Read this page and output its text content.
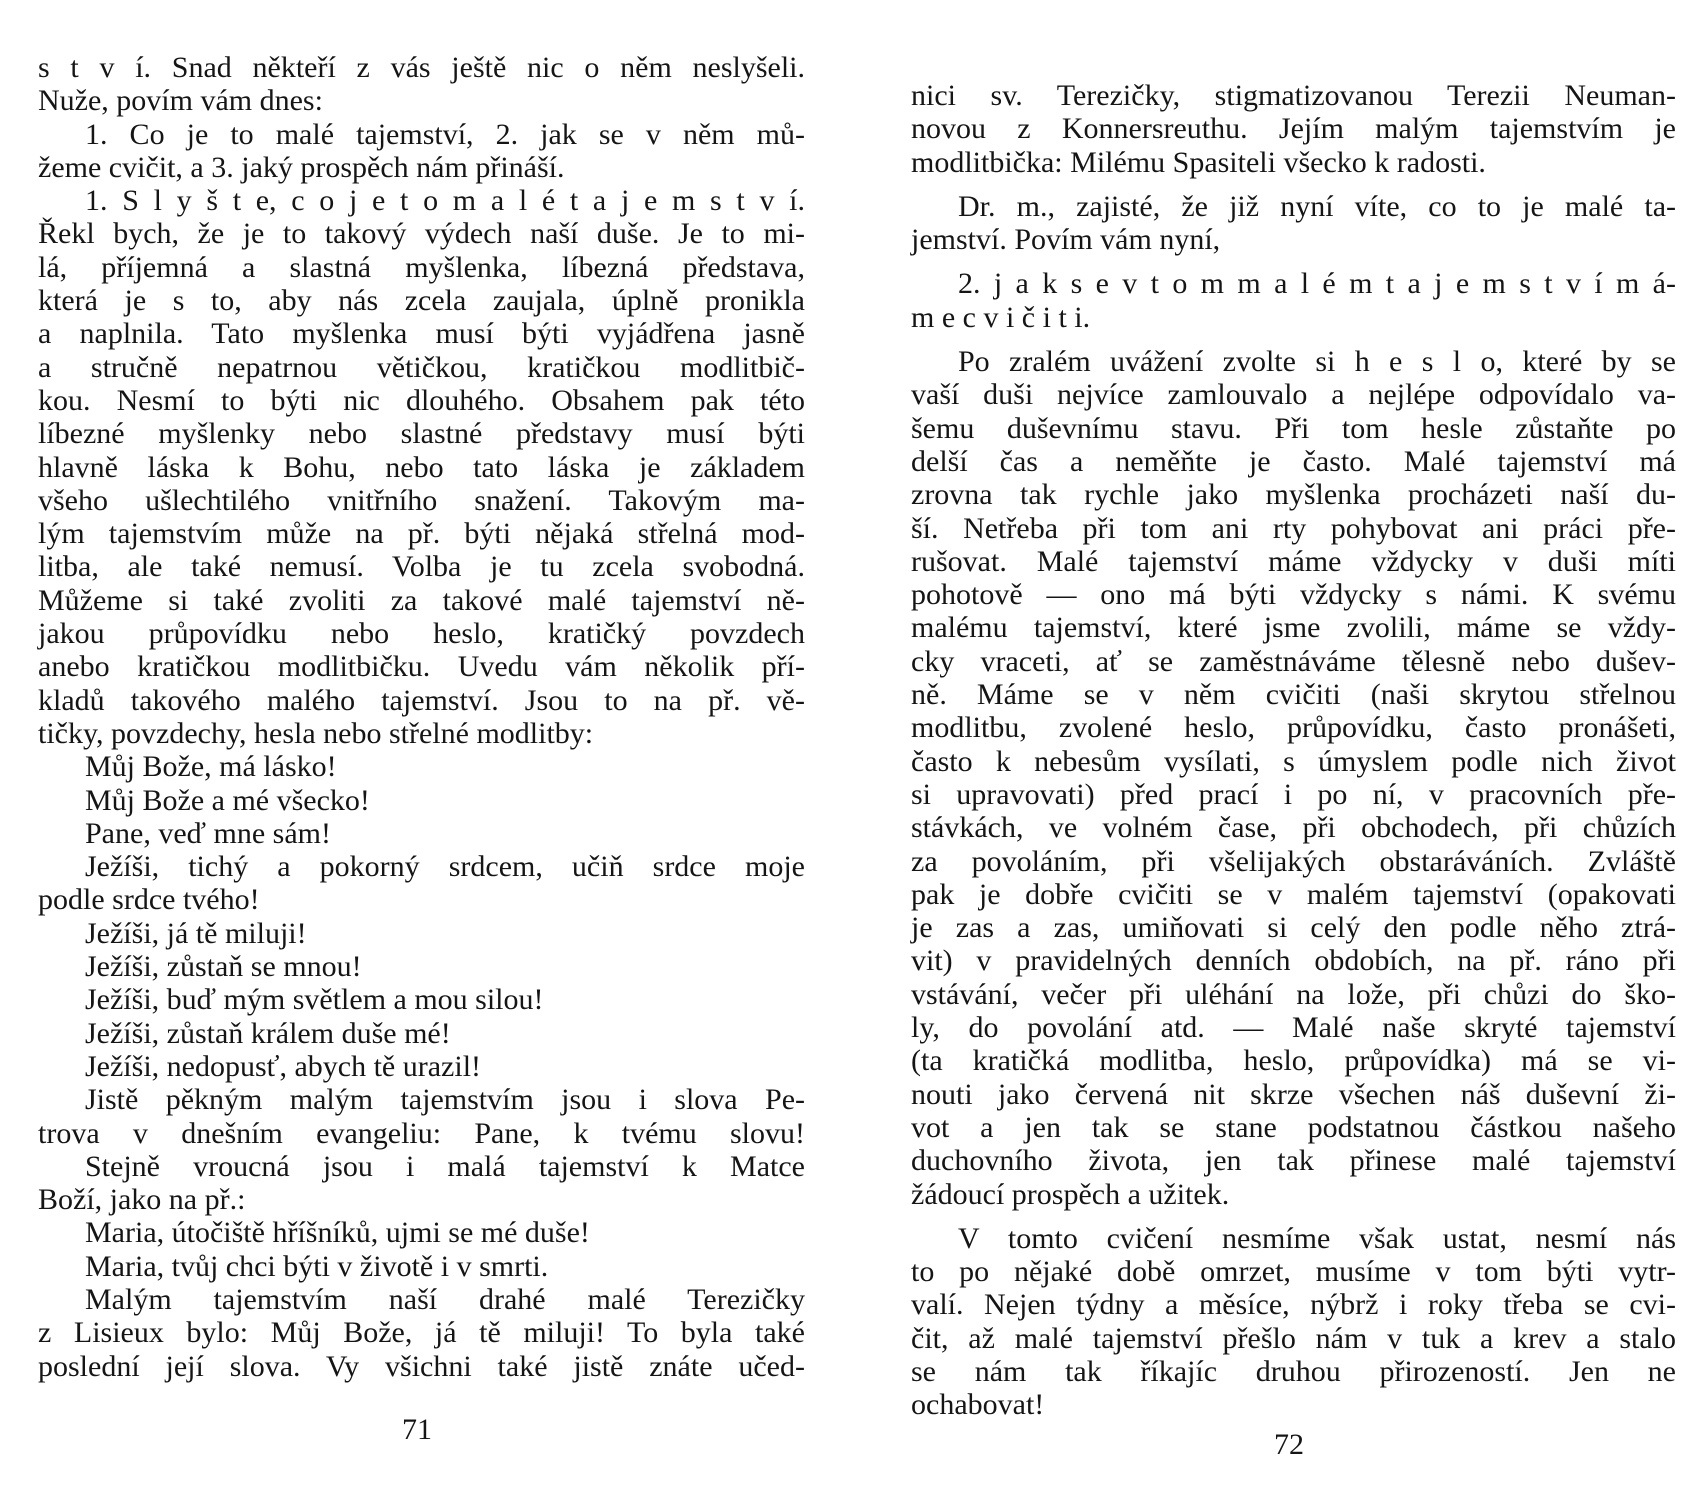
s t v í. Snad někteří z vás ještě nic o něm neslyšeli.
Nuže, povím vám dnes:
1. Co je to malé tajemství, 2. jak se v něm mů-
žeme cvičit, a 3. jaký prospěch nám přináší.
1. S l y š t e, c o j e t o m a l é t a j e m s t v í.
Řekl bych, že je to takový výdech naší duše. Je to mi-
lá, příjemná a slastná myšlenka, líbezná představa,
která je s to, aby nás zcela zaujala, úplně pronikla
a naplnila. Tato myšlenka musí býti vyjádřena jasně
a stručně nepatrnou větičkou, kratičkou modlitbič-
kou. Nesmí to býti nic dlouhého. Obsahem pak této
líbezné myšlenky nebo slastné představy musí býti
hlavně láska k Bohu, nebo tato láska je základem
všeho ušlechtilého vnitřního snažení. Takovým ma-
lým tajemstvím může na př. býti nějaká střelná mod-
litba, ale také nemusí. Volba je tu zcela svobodná.
Můžeme si také zvoliti za takové malé tajemství ně-
jakou průpovídku nebo heslo, kratičký povzdech
anebo kratičkou modlitbičku. Uvedu vám několik pří-
kladů takového malého tajemství. Jsou to na př. vě-
tičky, povzdechy, hesla nebo střelné modlitby:
Můj Bože, má lásko!
Můj Bože a mé všecko!
Pane, veď mne sám!
Ježíši, tichý a pokorný srdcem, učiň srdce moje
podle srdce tvého!
Ježíši, já tě miluji!
Ježíši, zůstaň se mnou!
Ježíši, buď mým světlem a mou silou!
Ježíši, zůstaň králem duše mé!
Ježíši, nedopusť, abych tě urazil!
Jistě pěkným malým tajemstvím jsou i slova Pe-
trova v dnešním evangeliu: Pane, k tvému slovu!
Stejně vroucná jsou i malá tajemství k Matce
Boží, jako na př.:
Maria, útočiště hříšníků, ujmi se mé duše!
Maria, tvůj chci býti v životě i v smrti.
Malým tajemstvím naší drahé malé Terezičky
z Lisieux bylo: Můj Bože, já tě miluji! To byla také
poslední její slova. Vy všichni také jistě znáte učed-
nici sv. Terezičky, stigmatizovanou Terezii Neuman-
novou z Konnersreuthu. Jejím malým tajemstvím je
modlitbička: Milému Spasiteli všecko k radosti.
Dr. m., zajisté, že již nyní víte, co to je malé ta-
jemství. Povím vám nyní,
2. j a k s e v t o m m a l é m t a j e m s t v í m á-
m e c v i č i t i.
Po zralém uvážení zvolte si h e s l o, které by se
vaší duši nejvíce zamlouvalo a nejlépe odpovídalo va-
šemu duševnímu stavu. Při tom hesle zůstaňte po
delší čas a neměňte je často. Malé tajemství má
zrovna tak rychle jako myšlenka procházeti naší du-
ší. Netřeba při tom ani rty pohybovat ani práci pře-
rušovat. Malé tajemství máme vždycky v duši míti
pohotově — ono má býti vždycky s námi. K svému
malému tajemství, které jsme zvolili, máme se vždy-
cky vraceti, ať se zaměstnáváme tělesně nebo dušev-
ně. Máme se v něm cvičiti (naši skrytou střelnou
modlitbu, zvolené heslo, průpovídku, často pronášeti,
často k nebesům vysílati, s úmyslem podle nich život
si upravovati) před prací i po ní, v pracovních pře-
stávkách, ve volném čase, při obchodech, při chůzích
za povoláním, při všelijakých obstaráváních. Zvláště
pak je dobře cvičiti se v malém tajemství (opakovati
je zas a zas, umiňovati si celý den podle něho ztrá-
vit) v pravidelných denních obdobích, na př. ráno při
vstávání, večer při uléhání na lože, při chůzi do ško-
ly, do povolání atd. — Malé naše skryté tajemství
(ta kratičká modlitba, heslo, průpovídka) má se vi-
nouti jako červená nit skrze všechen náš duševní ži-
vot a jen tak se stane podstatnou částkou našeho
duchovního života, jen tak přinese malé tajemství
žádoucí prospěch a užitek.
V tomto cvičení nesmíme však ustat, nesmí nás
to po nějaké době omrzet, musíme v tom býti vytr-
valí. Nejen týdny a měsíce, nýbrž i roky třeba se cvi-
čit, až malé tajemství přešlo nám v tuk a krev a stalo
se nám tak říkajíc druhou přirozeností. Jen ne
ochabovat!
71	72
